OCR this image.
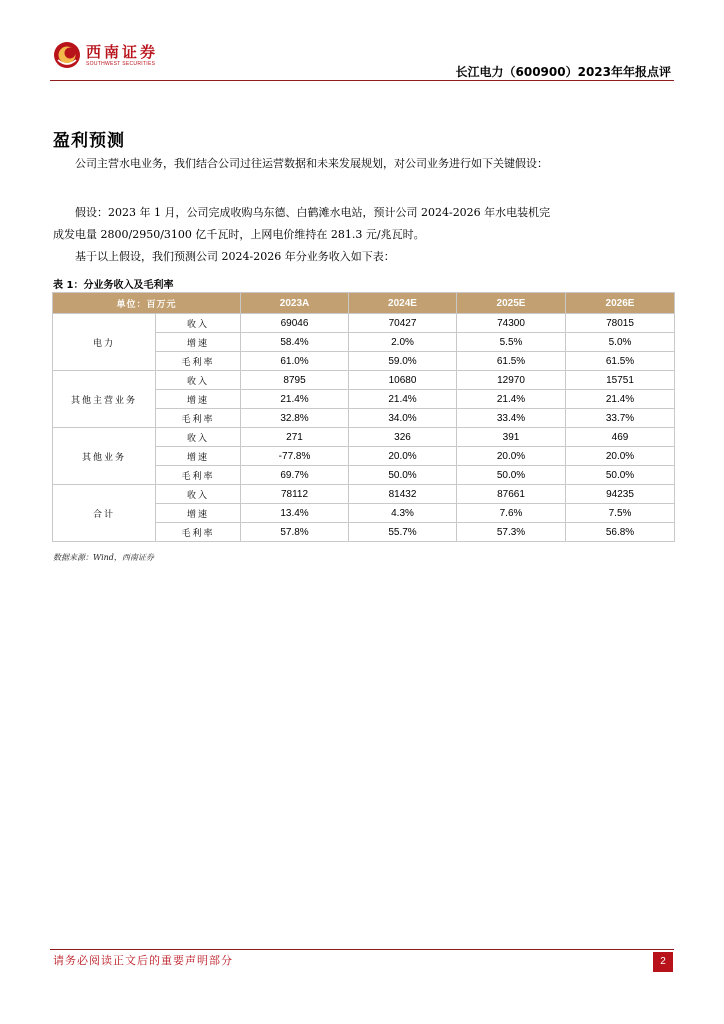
西南证券
SOUTHWEST SECURITIES
长江电力（600900）2023年年报点评
盈利预测

公司主营水电业务，我们结合公司过往运营数据和未来发展规划，对公司业务进行如下关键假设：

假设：2023 年 1 月，公司完成收购乌东德、白鹤滩水电站，预计公司 2024-2026 年水电装机完成发电量 2800/2950/3100 亿千瓦时，上网电价维持在 281.3 元/兆瓦时。

基于以上假设，我们预测公司 2024-2026 年分业务收入如下表：

表 1：分业务收入及毛利率
单位：百万元		2023A	2024E	2025E	2026E
电力	收入	69046	70427	74300	78015
	增速	58.4%	2.0%	5.5%	5.0%
	毛利率	61.0%	59.0%	61.5%	61.5%
其他主营业务	收入	8795	10680	12970	15751
	增速	21.4%	21.4%	21.4%	21.4%
	毛利率	32.8%	34.0%	33.4%	33.7%
其他业务	收入	271	326	391	469
	增速	-77.8%	20.0%	20.0%	20.0%
	毛利率	69.7%	50.0%	50.0%	50.0%
合计	收入	78112	81432	87661	94235
	增速	13.4%	4.3%	7.6%	7.5%
	毛利率	57.8%	55.7%	57.3%	56.8%
数据来源：Wind，西南证券
请务必阅读正文后的重要声明部分	2
